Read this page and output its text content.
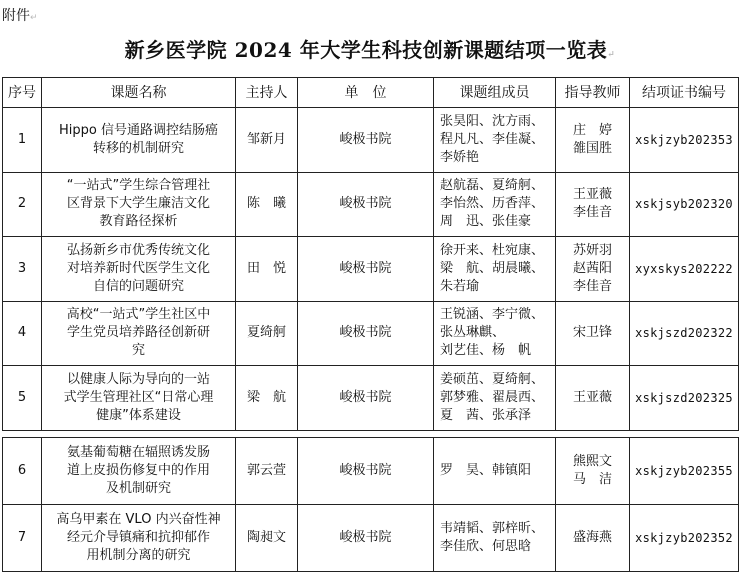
附件↵
新乡医学院 2024 年大学生科技创新课题结项一览表↵
序号	课题名称	主持人	单　位	课题组成员	指导教师	结项证书编号
1	Hippo 信号通路调控结肠癌
转移的机制研究	邹新月	峻极书院	张昊阳、沈方雨、
程凡凡、李佳凝、
李娇艳	庄　婷
雒国胜	xskjzyb202353
2	“一站式”学生综合管理社
区背景下大学生廉洁文化
教育路径探析	陈　曦	峻极书院	赵航磊、夏绮舸、
李怡然、历香萍、
周　迅、张佳豪	王亚薇
李佳音	xskjsyb202320
3	弘扬新乡市优秀传统文化
对培养新时代医学生文化
自信的问题研究	田　悦	峻极书院	徐开来、杜宛康、
梁　航、胡晨曦、
朱若瑜	苏妍羽
赵茜阳
李佳音	xyxskys202222
4	高校“一站式”学生社区中
学生党员培养路径创新研
究	夏绮舸	峻极书院	王锐涵、李宁微、
张丛琳麒、
刘艺佳、杨　帆	宋卫锋	xskjszd202322
5	以健康人际为导向的一站
式学生管理社区“日常心理
健康”体系建设	梁　航	峻极书院	姜硕茁、夏绮舸、
郭梦雅、翟晨西、
夏　茜、张承泽	王亚薇	xskjszd202325
6	氨基葡萄糖在辐照诱发肠
道上皮损伤修复中的作用
及机制研究	郭云萱	峻极书院	罗　昊、韩镇阳	熊熙文
马　洁	xskjzyb202355
7	高乌甲素在 VLO 内兴奋性神
经元介导镇痛和抗抑郁作
用机制分离的研究	陶昶文	峻极书院	韦靖韬、郭梓昕、
李佳欣、何思晗	盛海燕	xskjzyb202352
